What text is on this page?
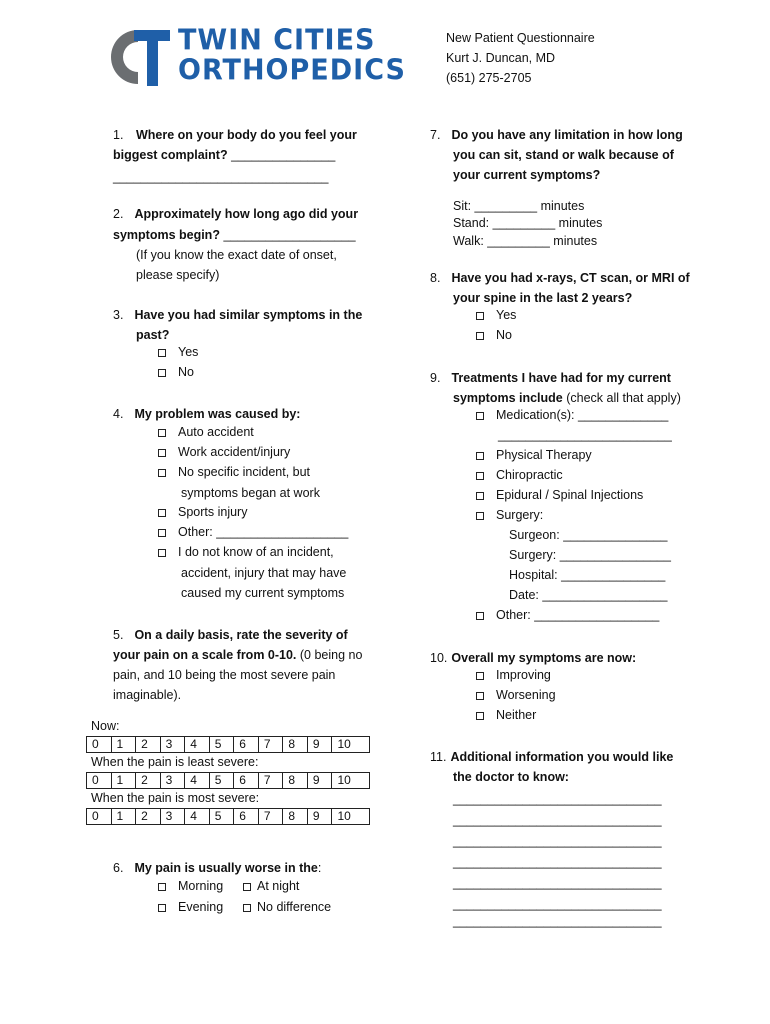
TWIN CITIES
ORTHOPEDICS
New Patient Questionnaire
Kurt J. Duncan, MD
(651) 275-2705
1. Where on your body do you feel your
biggest complaint? _______________
_______________________________
2. Approximately how long ago did your
symptoms begin? ___________________
(If you know the exact date of onset,
please specify)
3. Have you had similar symptoms in the
past?
Yes
No
4. My problem was caused by:
Auto accident
Work accident/injury
No specific incident, but
symptoms began at work
Sports injury
Other: ___________________
I do not know of an incident,
accident, injury that may have
caused my current symptoms
5. On a daily basis, rate the severity of
your pain on a scale from 0-10. (0 being no
pain, and 10 being the most severe pain
imaginable).
Now:
0	1	2	3	4	5	6	7	8	9	10
When the pain is least severe:
0	1	2	3	4	5	6	7	8	9	10
When the pain is most severe:
0	1	2	3	4	5	6	7	8	9	10
6. My pain is usually worse in the:
Morning	At night
Evening	No difference
7. Do you have any limitation in how long
you can sit, stand or walk because of
your current symptoms?
Sit: _________ minutes
Stand: _________ minutes
Walk: _________ minutes
8. Have you had x-rays, CT scan, or MRI of
your spine in the last 2 years?
Yes
No
9. Treatments I have had for my current
symptoms include (check all that apply)
Medication(s): _____________
_________________________
Physical Therapy
Chiropractic
Epidural / Spinal Injections
Surgery:
Surgeon: _______________
Surgery: ________________
Hospital: _______________
Date: __________________
Other: __________________
10. Overall my symptoms are now:
Improving
Worsening
Neither
11. Additional information you would like
the doctor to know:
______________________________
______________________________
______________________________
______________________________
______________________________
______________________________
______________________________
